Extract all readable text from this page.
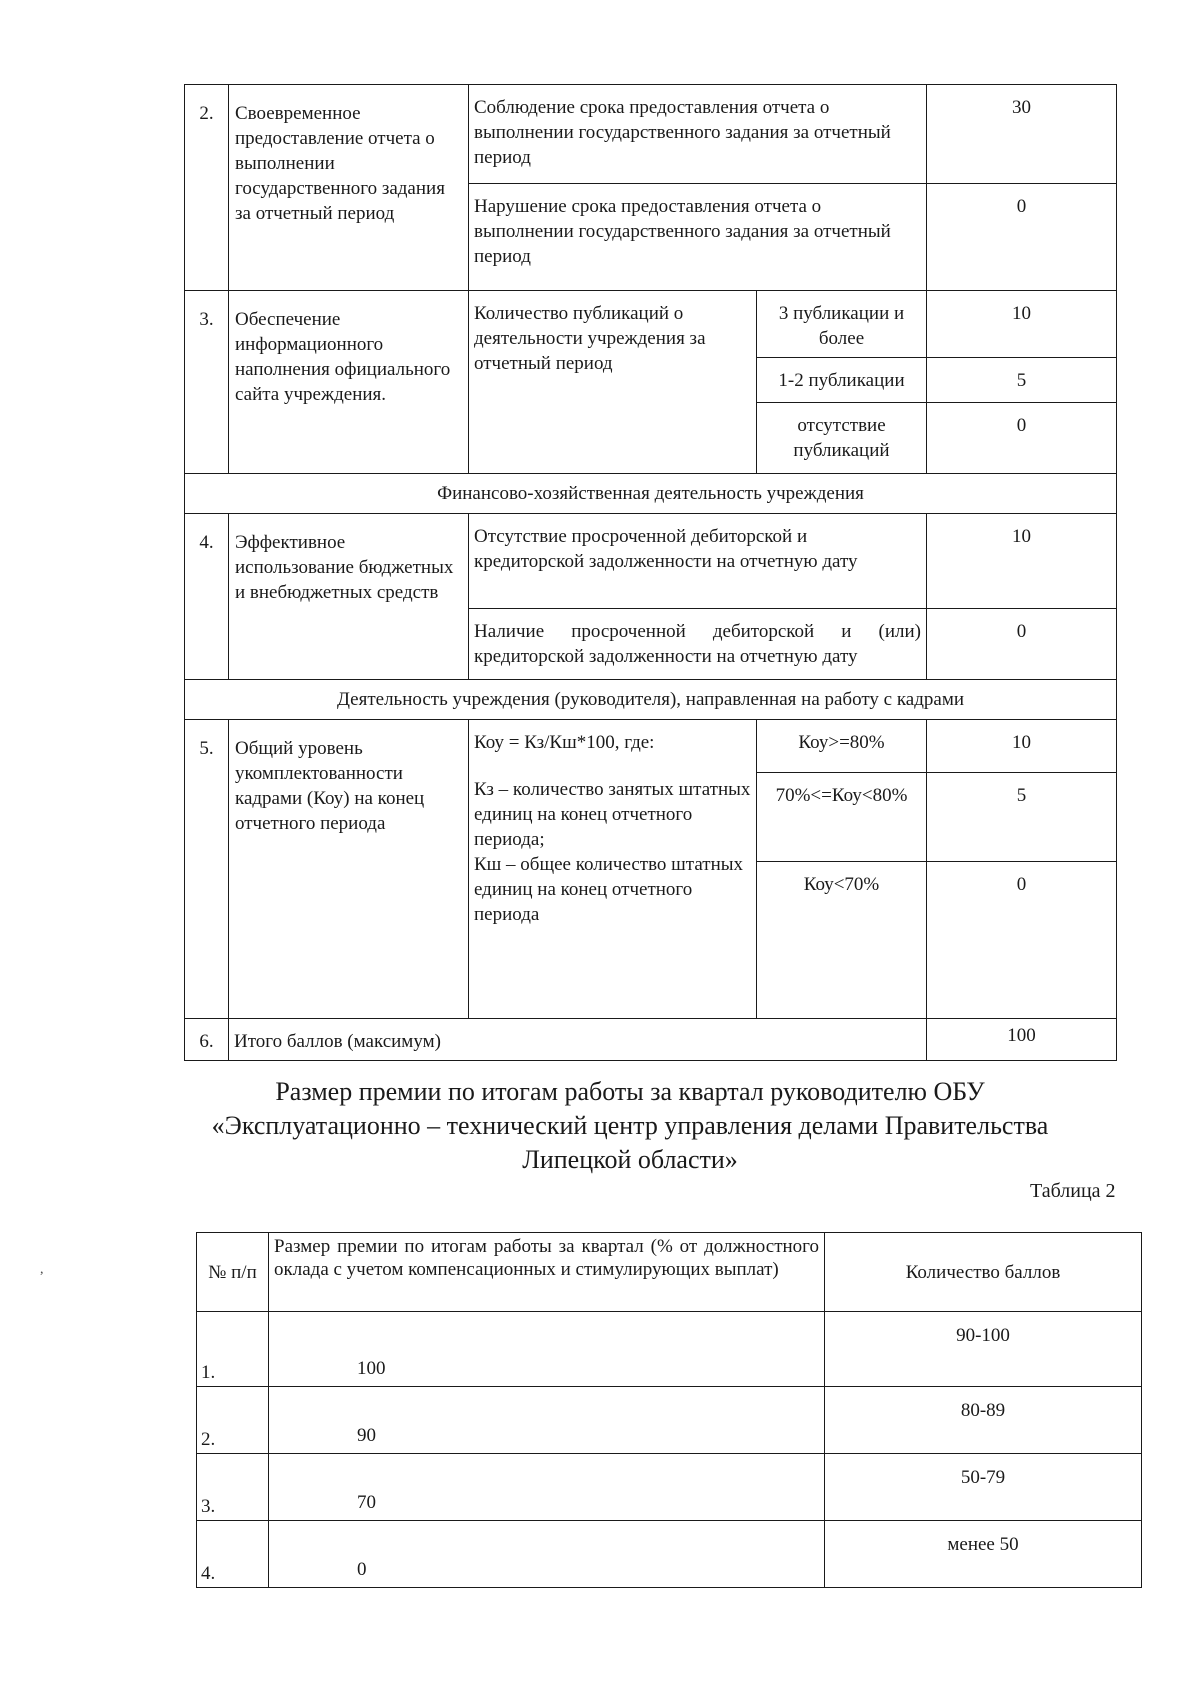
2.	Своевременное предоставление отчета о выполнении государственного задания за отчетный период	Соблюдение срока предоставления отчета о выполнении государственного задания за отчетный период		30
		Нарушение срока предоставления отчета о выполнении государственного задания за отчетный период		0
3.	Обеспечение информационного наполнения официального сайта учреждения.	Количество публикаций о деятельности учреждения за отчетный период	3 публикации и более	10
			1-2 публикации	5
			отсутствие публикаций	0
Финансово-хозяйственная деятельность учреждения				
4.	Эффективное использование бюджетных и внебюджетных средств	Отсутствие просроченной дебиторской и кредиторской задолженности на отчетную дату		10
		Наличие просроченной дебиторской и (или) кредиторской задолженности на отчетную дату		0
Деятельность учреждения (руководителя), направленная на работу с кадрами				
5.	Общий уровень укомплектованности кадрами (Коу) на конец отчетного периода	Коу = Кз/Кш*100, где:
Кз – количество занятых штатных единиц на конец отчетного периода;
Кш – общее количество штатных единиц на конец отчетного периода	Коу>=80%	10
			70%<=Коу<80%	5
			Коу<70%	0
6.	Итого баллов (максимум)			100
Размер премии по итогам работы за квартал руководителю ОБУ
«Эксплуатационно – технический центр управления делами Правительства
Липецкой области»
Таблица 2
№ п/п	Размер премии по итогам работы за квартал (% от должностного оклада с учетом компенсационных и стимулирующих выплат)	Количество баллов
1.	100	90-100
2.	90	80-89
3.	70	50-79
4.	0	менее 50
,
